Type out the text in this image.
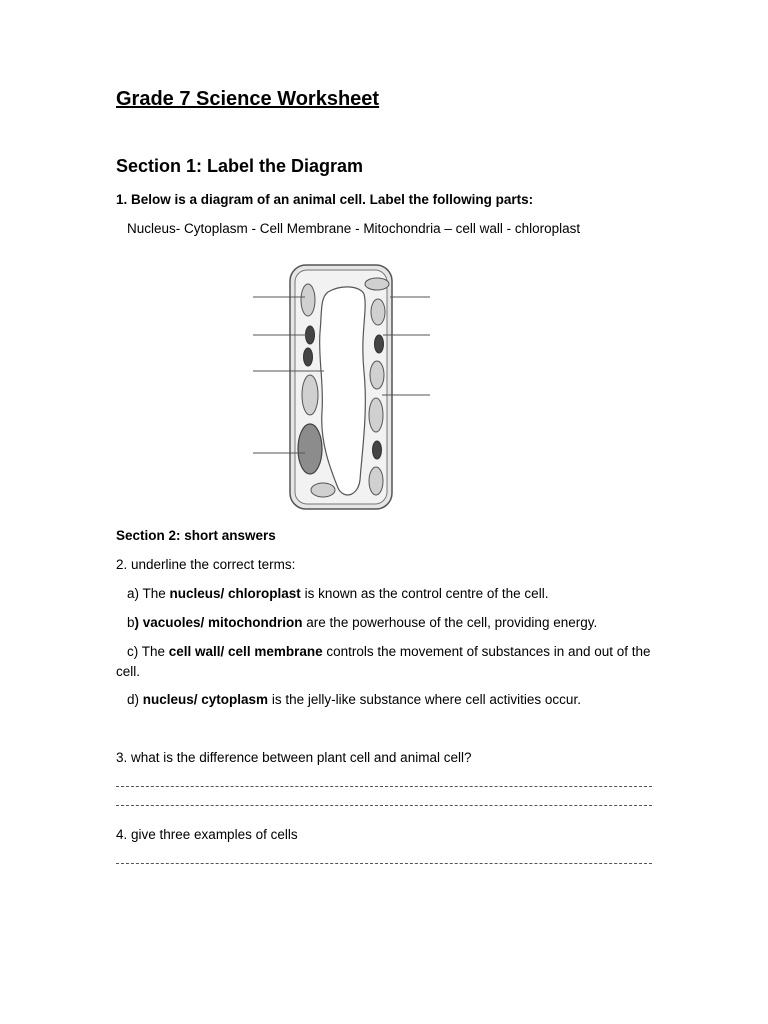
Grade 7 Science Worksheet
Section 1: Label the Diagram

1. Below is a diagram of an animal cell. Label the following parts:

Nucleus- Cytoplasm - Cell Membrane - Mitochondria – cell wall - chloroplast

Section 2: short answers

2. underline the correct terms:

a) The nucleus/ chloroplast is known as the control centre of the cell.

b) vacuoles/ mitochondrion are the powerhouse of the cell, providing energy.

c) The cell wall/ cell membrane controls the movement of substances in and out of the cell.

d) nucleus/ cytoplasm is the jelly-like substance where cell activities occur.

3. what is the difference between plant cell and animal cell?

4. give three examples of cells
